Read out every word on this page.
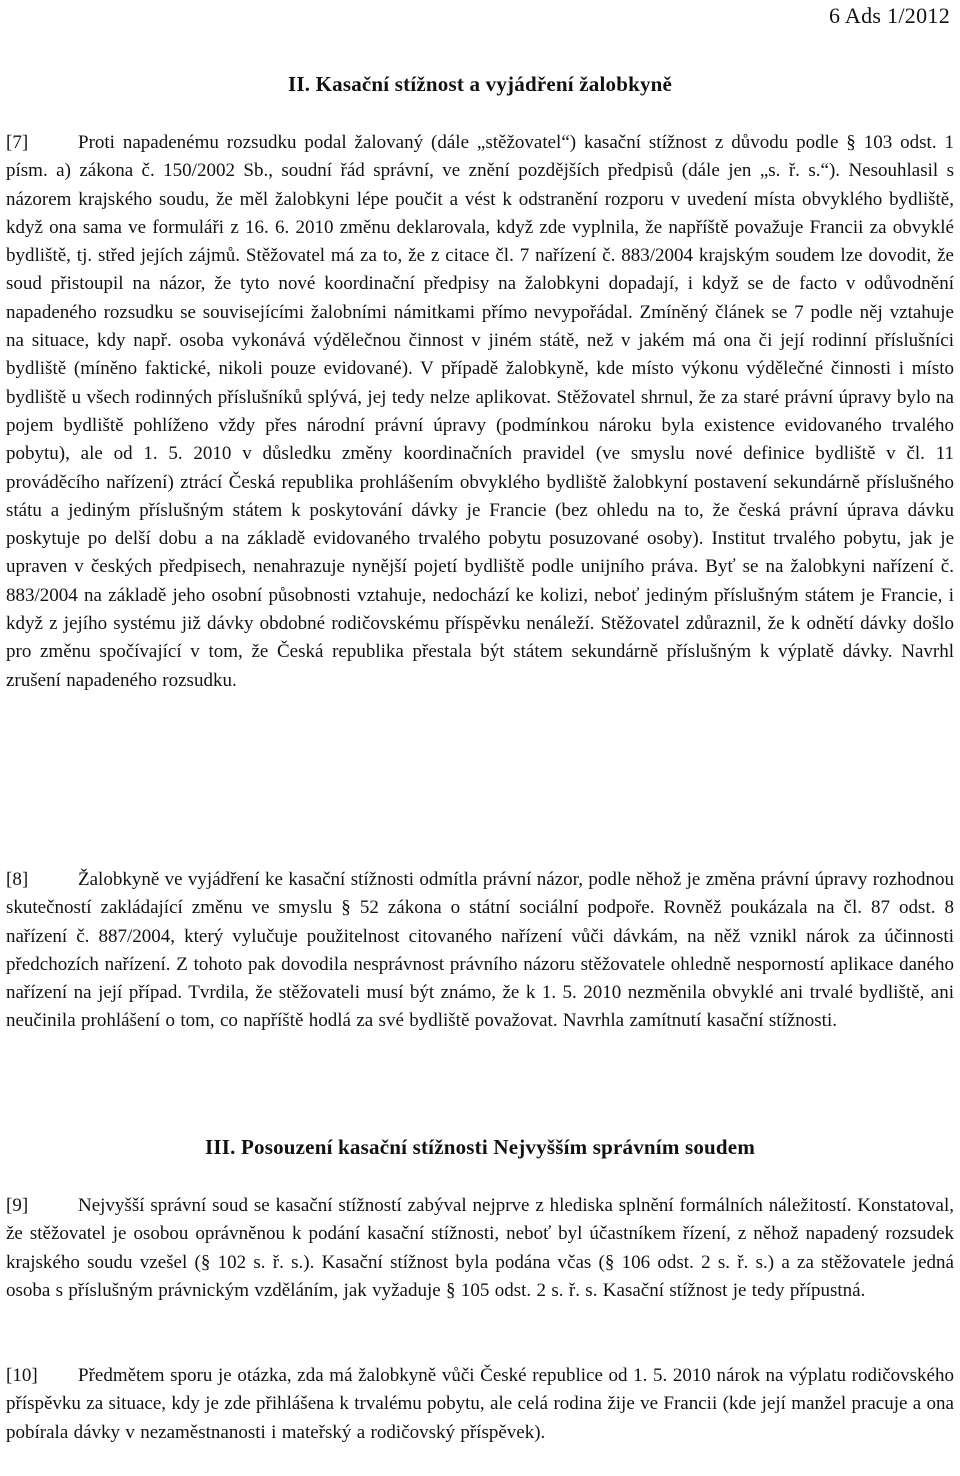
6 Ads 1/2012
II. Kasační stížnost a vyjádření žalobkyně
[7]	Proti napadenému rozsudku podal žalovaný (dále „stěžovatel“) kasační stížnost z důvodu podle § 103 odst. 1 písm. a) zákona č. 150/2002 Sb., soudní řád správní, ve znění pozdějších předpisů (dále jen „s. ř. s.“). Nesouhlasil s názorem krajského soudu, že měl žalobkyni lépe poučit a vést k odstranění rozporu v uvedení místa obvyklého bydliště, když ona sama ve formuláři z 16. 6. 2010 změnu deklarovala, když zde vyplnila, že napříště považuje Francii za obvyklé bydliště, tj. střed jejích zájmů. Stěžovatel má za to, že z citace čl. 7 nařízení č. 883/2004 krajským soudem lze dovodit, že soud přistoupil na názor, že tyto nové koordinační předpisy na žalobkyni dopadají, i když se de facto v odůvodnění napadeného rozsudku se souvisejícími žalobními námitkami přímo nevypořádal. Zmíněný článek se 7 podle něj vztahuje na situace, kdy např. osoba vykonává výdělečnou činnost v jiném státě, než v jakém má ona či její rodinní příslušníci bydliště (míněno faktické, nikoli pouze evidované). V případě žalobkyně, kde místo výkonu výdělečné činnosti i místo bydliště u všech rodinných příslušníků splývá, jej tedy nelze aplikovat. Stěžovatel shrnul, že za staré právní úpravy bylo na pojem bydliště pohlíženo vždy přes národní právní úpravy (podmínkou nároku byla existence evidovaného trvalého pobytu), ale od 1. 5. 2010 v důsledku změny koordinačních pravidel (ve smyslu nové definice bydliště v čl. 11 prováděcího nařízení) ztrácí Česká republika prohlášením obvyklého bydliště žalobkyní postavení sekundárně příslušného státu a jediným příslušným státem k poskytování dávky je Francie (bez ohledu na to, že česká právní úprava dávku poskytuje po delší dobu a na základě evidovaného trvalého pobytu posuzované osoby). Institut trvalého pobytu, jak je upraven v českých předpisech, nenahrazuje nynější pojetí bydliště podle unijního práva. Byť se na žalobkyni nařízení č. 883/2004 na základě jeho osobní působnosti vztahuje, nedochází ke kolizi, neboť jediným příslušným státem je Francie, i když z jejího systému již dávky obdobné rodičovskému příspěvku nenáleží. Stěžovatel zdůraznil, že k odnětí dávky došlo pro změnu spočívající v tom, že Česká republika přestala být státem sekundárně příslušným k výplatě dávky. Navrhl zrušení napadeného rozsudku.
[8]	Žalobkyně ve vyjádření ke kasační stížnosti odmítla právní názor, podle něhož je změna právní úpravy rozhodnou skutečností zakládající změnu ve smyslu § 52 zákona o státní sociální podpoře. Rovněž poukázala na čl. 87 odst. 8 nařízení č. 887/2004, který vylučuje použitelnost citovaného nařízení vůči dávkám, na něž vznikl nárok za účinnosti předchozích nařízení. Z tohoto pak dovodila nesprávnost právního názoru stěžovatele ohledně nesporností aplikace daného nařízení na její případ. Tvrdila, že stěžovateli musí být známo, že k 1. 5. 2010 nezměnila obvyklé ani trvalé bydliště, ani neučinila prohlášení o tom, co napříště hodlá za své bydliště považovat. Navrhla zamítnutí kasační stížnosti.
III. Posouzení kasační stížnosti Nejvyšším správním soudem
[9]	Nejvyšší správní soud se kasační stížností zabýval nejprve z hlediska splnění formálních náležitostí. Konstatoval, že stěžovatel je osobou oprávněnou k podání kasační stížnosti, neboť byl účastníkem řízení, z něhož napadený rozsudek krajského soudu vzešel (§ 102 s. ř. s.). Kasační stížnost byla podána včas (§ 106 odst. 2 s. ř. s.) a za stěžovatele jedná osoba s příslušným právnickým vzděláním, jak vyžaduje § 105 odst. 2 s. ř. s. Kasační stížnost je tedy přípustná.
[10] Předmětem sporu je otázka, zda má žalobkyně vůči České republice od 1. 5. 2010 nárok na výplatu rodičovského příspěvku za situace, kdy je zde přihlášena k trvalému pobytu, ale celá rodina žije ve Francii (kde její manžel pracuje a ona pobírala dávky v nezaměstnanosti i mateřský a rodičovský příspěvek).
